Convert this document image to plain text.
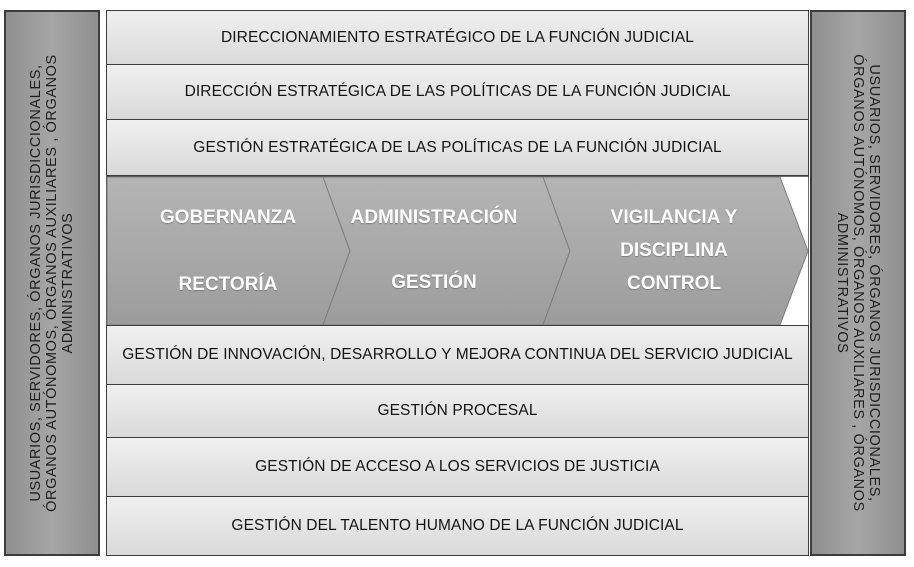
USUARIOS, SERVIDORES, ÓRGANOS JURISDICCIONALES, ÓRGANOS AUTÓNOMOS, ÓRGANOS AUXILIARES , ÓRGANOS ADMINISTRATIVOS	USUARIOS, SERVIDORES, ÓRGANOS JURISDICCIONALES, ÓRGANOS AUTÓNOMOS, ÓRGANOS AUXILIARES , ÓRGANOS ADMINISTRATIVOS
DIRECCIONAMIENTO ESTRATÉGICO DE LA FUNCIÓN JUDICIAL
DIRECCIÓN ESTRATÉGICA DE LAS POLÍTICAS DE LA FUNCIÓN JUDICIAL
GESTIÓN ESTRATÉGICA DE LAS POLÍTICAS DE LA FUNCIÓN JUDICIAL
GOBERNANZA
RECTORÍA
ADMINISTRACIÓN
GESTIÓN
VIGILANCIA Y
DISCIPLINA
CONTROL
GESTIÓN DE INNOVACIÓN, DESARROLLO Y MEJORA CONTINUA DEL SERVICIO JUDICIAL
GESTIÓN PROCESAL
GESTIÓN DE ACCESO A LOS SERVICIOS DE JUSTICIA
GESTIÓN DEL TALENTO HUMANO DE LA FUNCIÓN JUDICIAL
